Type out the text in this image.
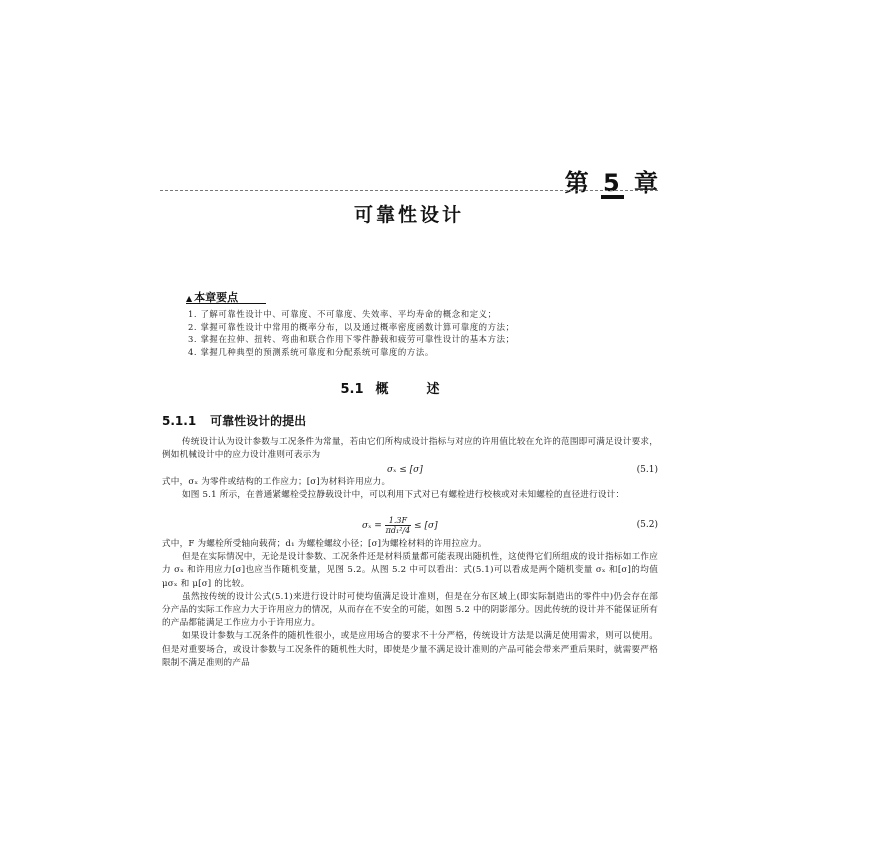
第 5 章
可靠性设计
▲ 本章要点
1. 了解可靠性设计中、可靠度、不可靠度、失效率、平均寿命的概念和定义；
2. 掌握可靠性设计中常用的概率分布，以及通过概率密度函数计算可靠度的方法；
3. 掌握在拉伸、扭转、弯曲和联合作用下零件静载和疲劳可靠性设计的基本方法；
4. 掌握几种典型的预测系统可靠度和分配系统可靠度的方法。
5.1 概述
5.1.1 可靠性设计的提出

传统设计认为设计参数与工况条件为常量，若由它们所构成设计指标与对应的许用值比较在允许的范围即可满足设计要求，例如机械设计中的应力设计准则可表示为

σₓ ≤ [σ]	(5.1)

式中，σₓ 为零件或结构的工作应力；[σ]为材料许用应力。

如图 5.1 所示，在普通紧螺栓受拉静载设计中，可以利用下式对已有螺栓进行校核或对未知螺栓的直径进行设计：

$\sigma_x = \frac{1.3F}{\text{πd₁²/4}} \le [\sigma]$	(5.2)

式中，F 为螺栓所受轴向载荷；d₁ 为螺栓螺纹小径；[σ]为螺栓材料的许用拉应力。

但是在实际情况中，无论是设计参数、工况条件还是材料质量都可能表现出随机性，这使得它们所组成的设计指标如工作应力 σₓ 和许用应力[σ]也应当作随机变量，见图 5.2。从图 5.2 中可以看出：式(5.1)可以看成是两个随机变量 σₓ 和[σ]的均值 μσₓ 和 μ[σ] 的比较。

虽然按传统的设计公式(5.1)来进行设计时可使均值满足设计准则，但是在分布区域上(即实际制造出的零件中)仍会存在部分产品的实际工作应力大于许用应力的情况，从而存在不安全的可能，如图 5.2 中的阴影部分。因此传统的设计并不能保证所有的产品都能满足工作应力小于许用应力。

如果设计参数与工况条件的随机性很小，或是应用场合的要求不十分严格，传统设计方法是以满足使用需求，则可以使用。但是对重要场合，或设计参数与工况条件的随机性大时，即使是少量不满足设计准则的产品可能会带来严重后果时，就需要严格限制不满足准则的产品
